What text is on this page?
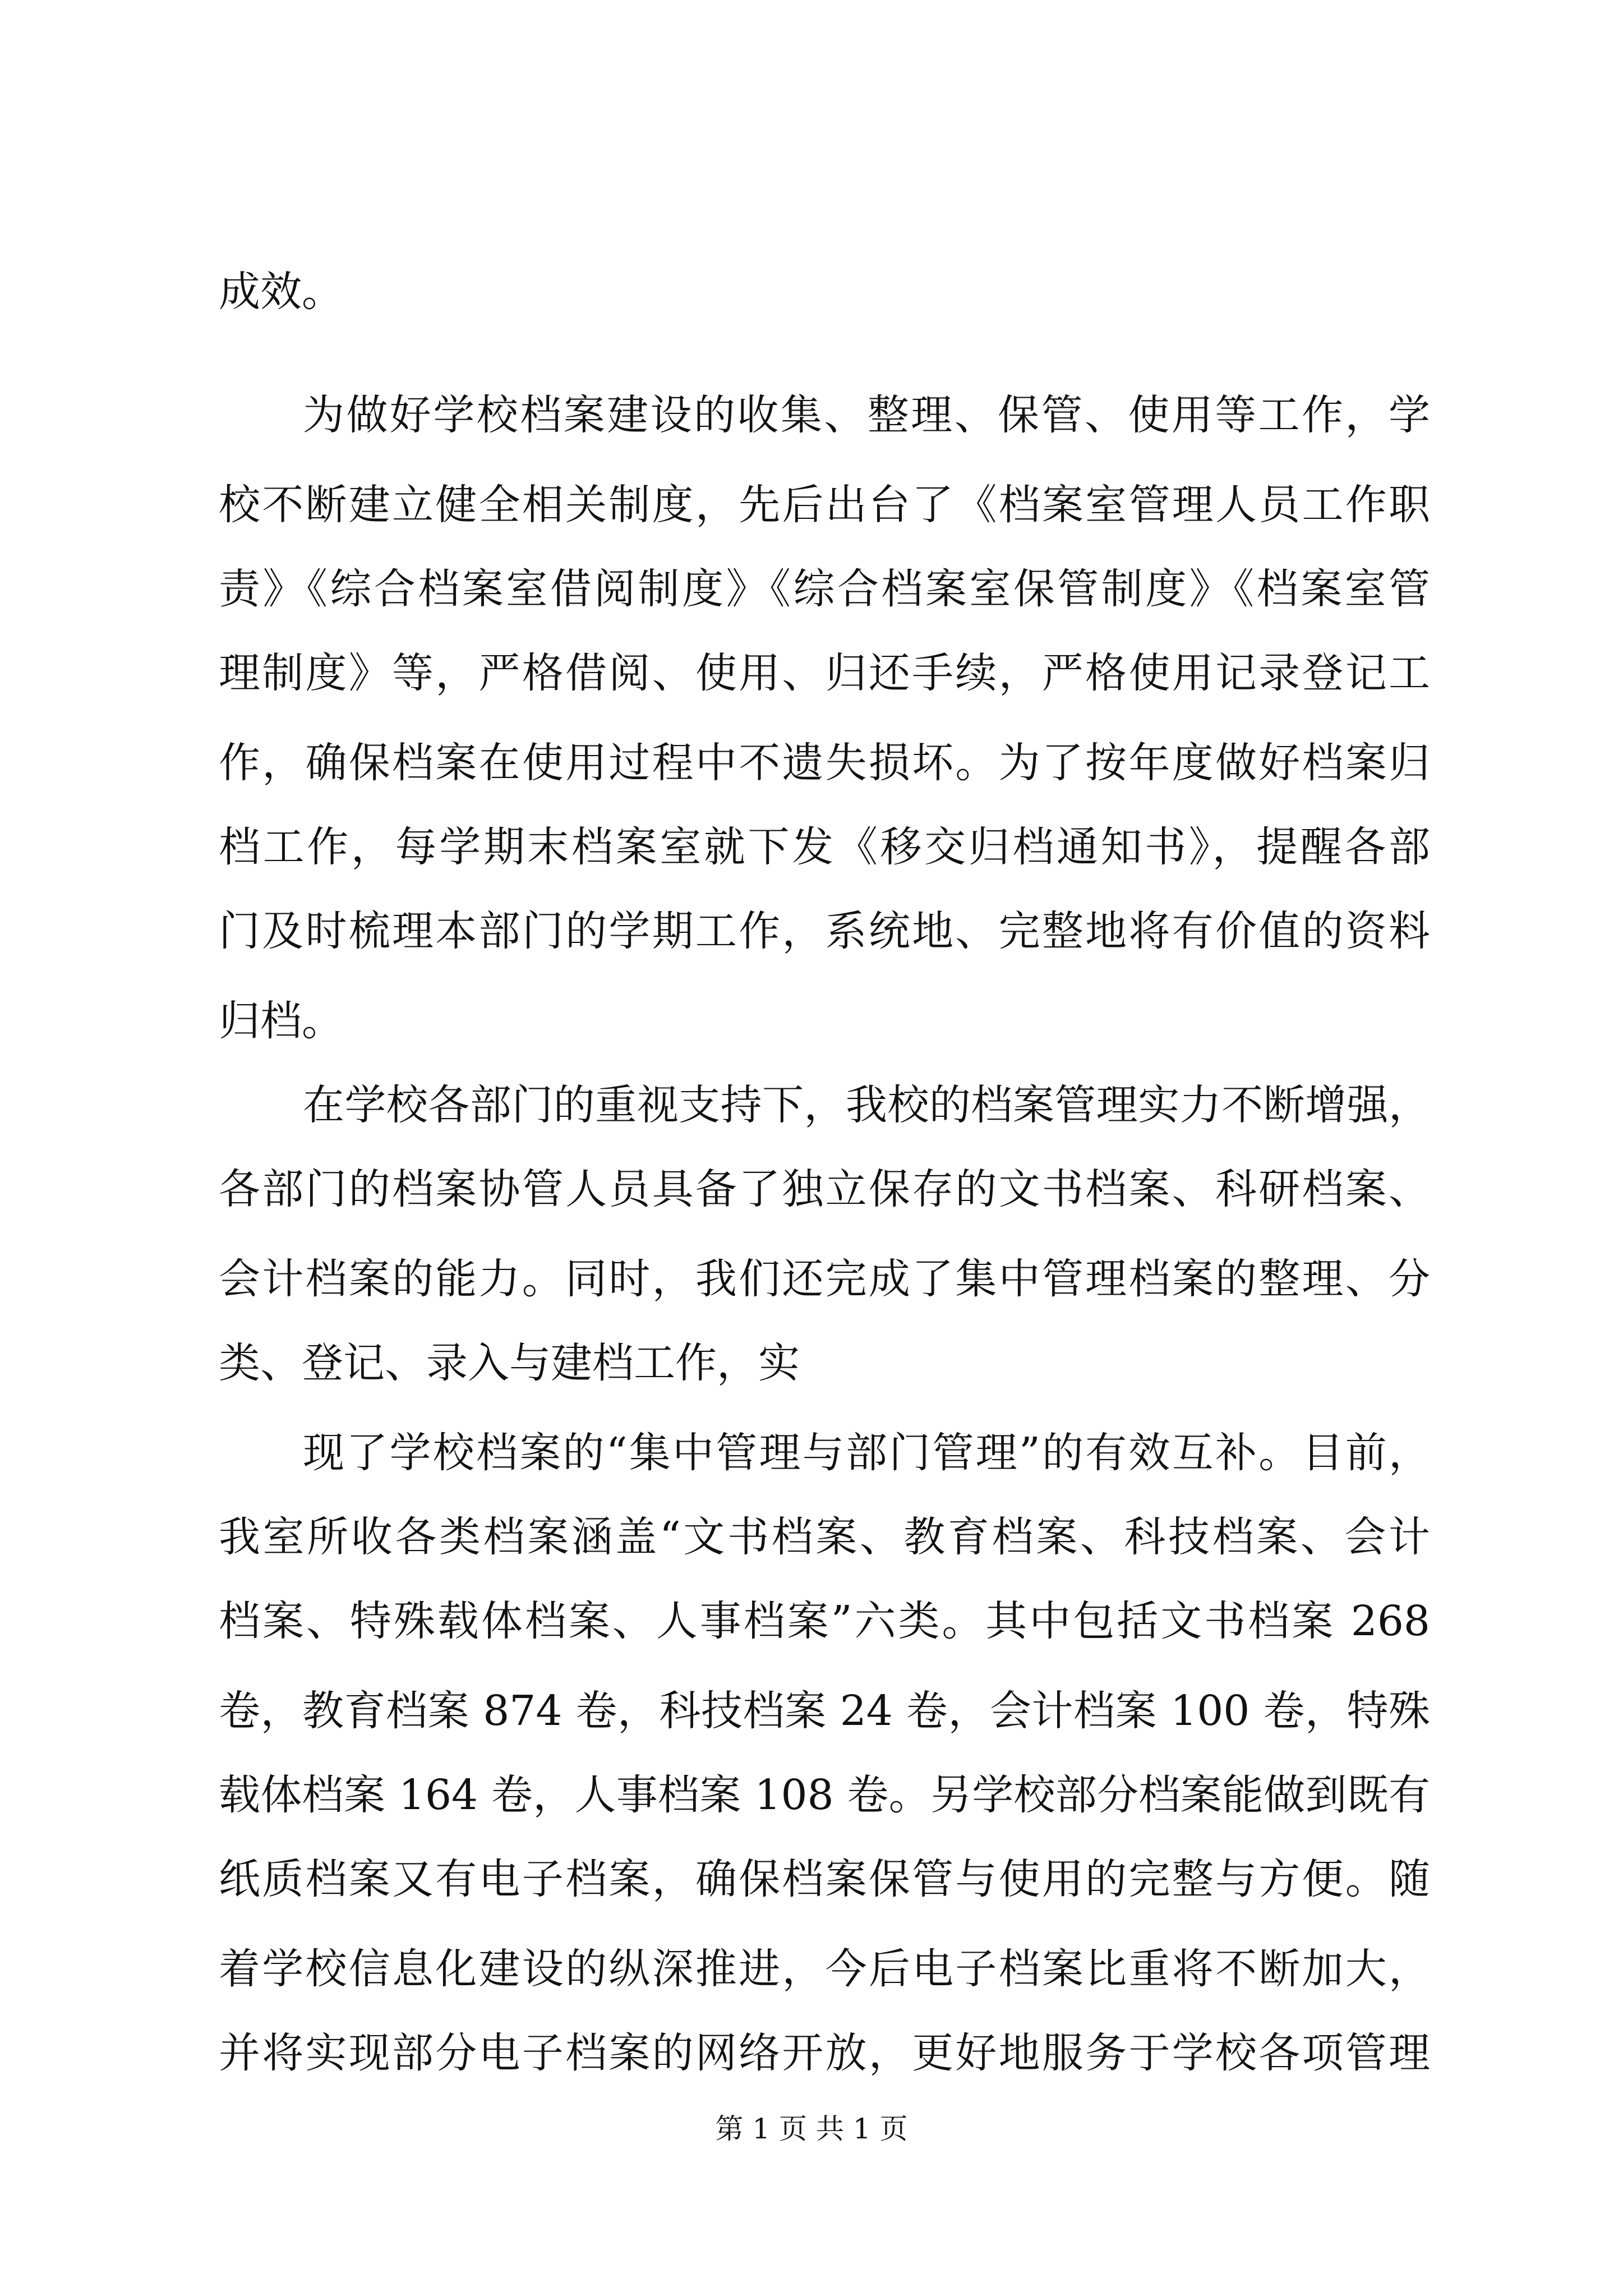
成效。
为做好学校档案建设的收集、整理、保管、使用等工作，学
校不断建立健全相关制度，先后出台了《档案室管理人员工作职
责》《综合档案室借阅制度》《综合档案室保管制度》《档案室管
理制度》等，严格借阅、使用、归还手续，严格使用记录登记工
作，确保档案在使用过程中不遗失损坏。为了按年度做好档案归
档工作，每学期末档案室就下发《移交归档通知书》，提醒各部
门及时梳理本部门的学期工作，系统地、完整地将有价值的资料
归档。
在学校各部门的重视支持下，我校的档案管理实力不断增强，
各部门的档案协管人员具备了独立保存的文书档案、科研档案、
会计档案的能力。同时，我们还完成了集中管理档案的整理、分
类、登记、录入与建档工作，实
现了学校档案的“集中管理与部门管理”的有效互补。目前，
我室所收各类档案涵盖“文书档案、教育档案、科技档案、会计
档案、特殊载体档案、人事档案”六类。其中包括文书档案 268
卷，教育档案 874 卷，科技档案 24 卷，会计档案 100 卷，特殊
载体档案 164 卷，人事档案 108 卷。另学校部分档案能做到既有
纸质档案又有电子档案，确保档案保管与使用的完整与方便。随
着学校信息化建设的纵深推进，今后电子档案比重将不断加大，
并将实现部分电子档案的网络开放，更好地服务于学校各项管理
第 1 页 共 1 页
